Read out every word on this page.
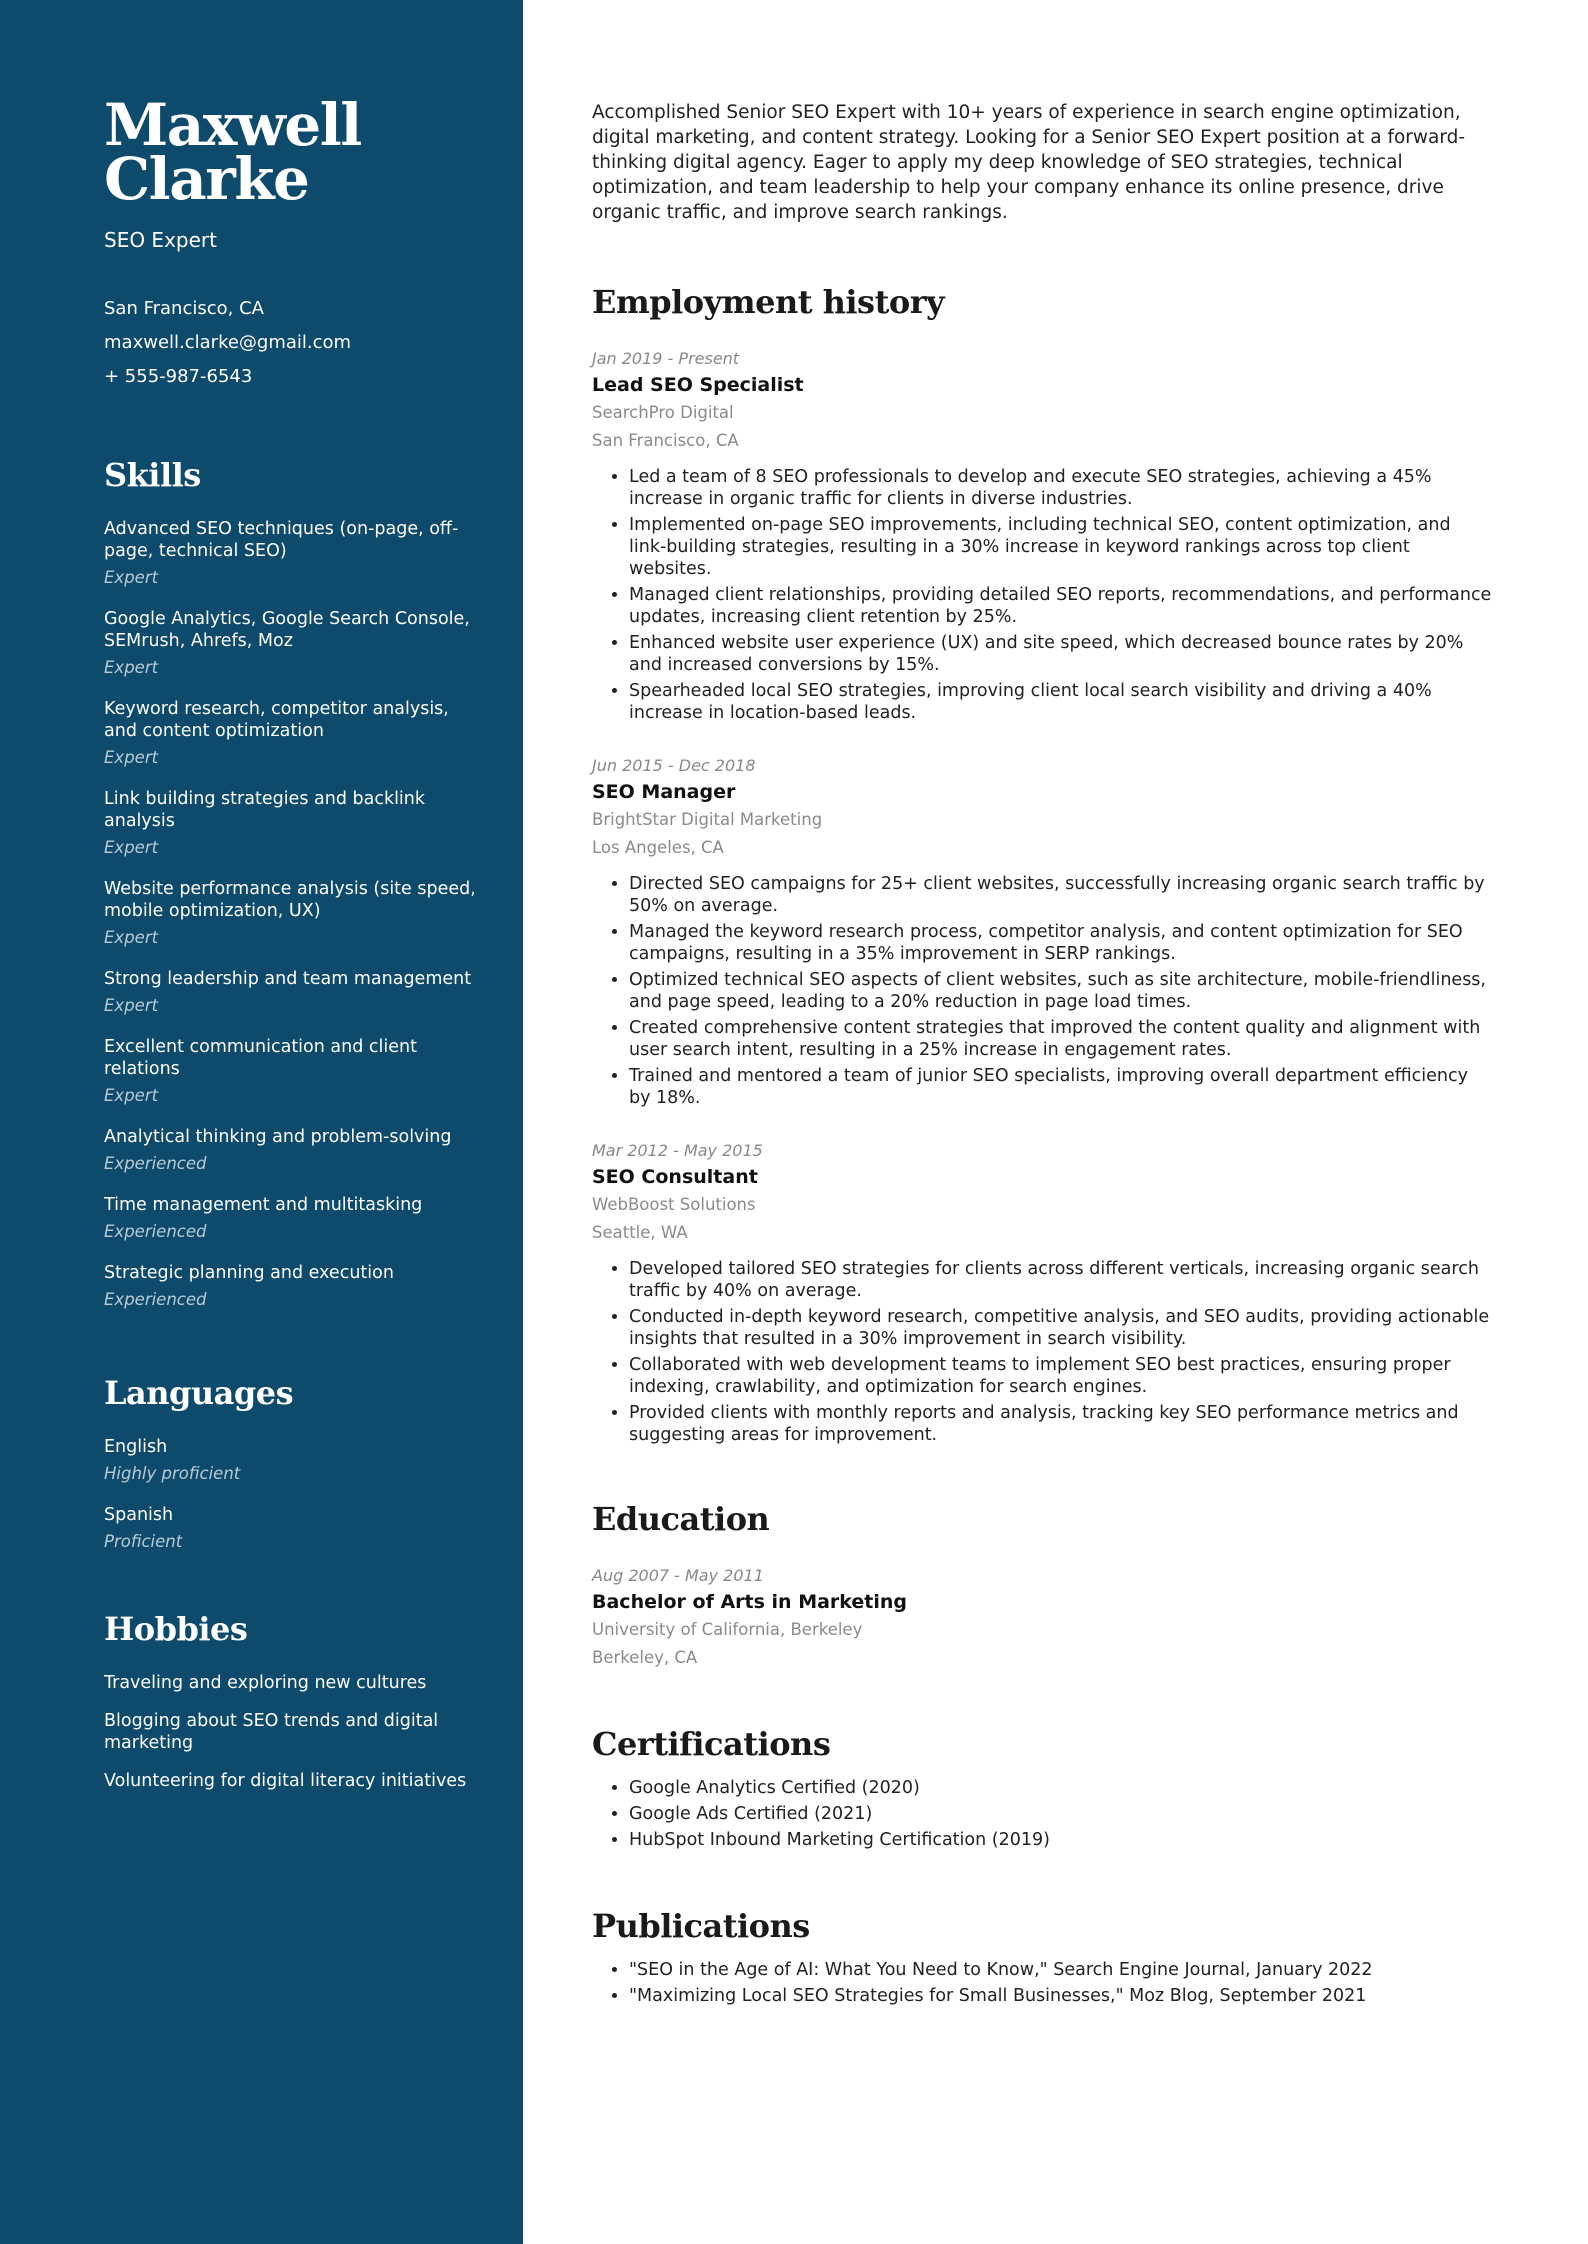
Maxwell
Clarke
SEO Expert
San Francisco, CA
maxwell.clarke@gmail.com
+ 555-987-6543
Skills
Advanced SEO techniques (on-page, off-page, technical SEO)
Expert
Google Analytics, Google Search Console, SEMrush, Ahrefs, Moz
Expert
Keyword research, competitor analysis, and content optimization
Expert
Link building strategies and backlink analysis
Expert
Website performance analysis (site speed, mobile optimization, UX)
Expert
Strong leadership and team management
Expert
Excellent communication and client relations
Expert
Analytical thinking and problem-solving
Experienced
Time management and multitasking
Experienced
Strategic planning and execution
Experienced
Languages
English
Highly proficient
Spanish
Proficient
Hobbies
Traveling and exploring new cultures
Blogging about SEO trends and digital marketing
Volunteering for digital literacy initiatives

Accomplished Senior SEO Expert with 10+ years of experience in search engine optimization, digital marketing, and content strategy. Looking for a Senior SEO Expert position at a forward-thinking digital agency. Eager to apply my deep knowledge of SEO strategies, technical optimization, and team leadership to help your company enhance its online presence, drive organic traffic, and improve search rankings.

Employment history
Jan 2019 - Present
Lead SEO Specialist
SearchPro Digital
San Francisco, CA
• Led a team of 8 SEO professionals to develop and execute SEO strategies, achieving a 45% increase in organic traffic for clients in diverse industries.
• Implemented on-page SEO improvements, including technical SEO, content optimization, and link-building strategies, resulting in a 30% increase in keyword rankings across top client websites.
• Managed client relationships, providing detailed SEO reports, recommendations, and performance updates, increasing client retention by 25%.
• Enhanced website user experience (UX) and site speed, which decreased bounce rates by 20% and increased conversions by 15%.
• Spearheaded local SEO strategies, improving client local search visibility and driving a 40% increase in location-based leads.
Jun 2015 - Dec 2018
SEO Manager
BrightStar Digital Marketing
Los Angeles, CA
• Directed SEO campaigns for 25+ client websites, successfully increasing organic search traffic by 50% on average.
• Managed the keyword research process, competitor analysis, and content optimization for SEO campaigns, resulting in a 35% improvement in SERP rankings.
• Optimized technical SEO aspects of client websites, such as site architecture, mobile-friendliness, and page speed, leading to a 20% reduction in page load times.
• Created comprehensive content strategies that improved the content quality and alignment with user search intent, resulting in a 25% increase in engagement rates.
• Trained and mentored a team of junior SEO specialists, improving overall department efficiency by 18%.
Mar 2012 - May 2015
SEO Consultant
WebBoost Solutions
Seattle, WA
• Developed tailored SEO strategies for clients across different verticals, increasing organic search traffic by 40% on average.
• Conducted in-depth keyword research, competitive analysis, and SEO audits, providing actionable insights that resulted in a 30% improvement in search visibility.
• Collaborated with web development teams to implement SEO best practices, ensuring proper indexing, crawlability, and optimization for search engines.
• Provided clients with monthly reports and analysis, tracking key SEO performance metrics and suggesting areas for improvement.
Education
Aug 2007 - May 2011
Bachelor of Arts in Marketing
University of California, Berkeley
Berkeley, CA
Certifications
• Google Analytics Certified (2020)
• Google Ads Certified (2021)
• HubSpot Inbound Marketing Certification (2019)
Publications
• "SEO in the Age of AI: What You Need to Know," Search Engine Journal, January 2022
• "Maximizing Local SEO Strategies for Small Businesses," Moz Blog, September 2021
